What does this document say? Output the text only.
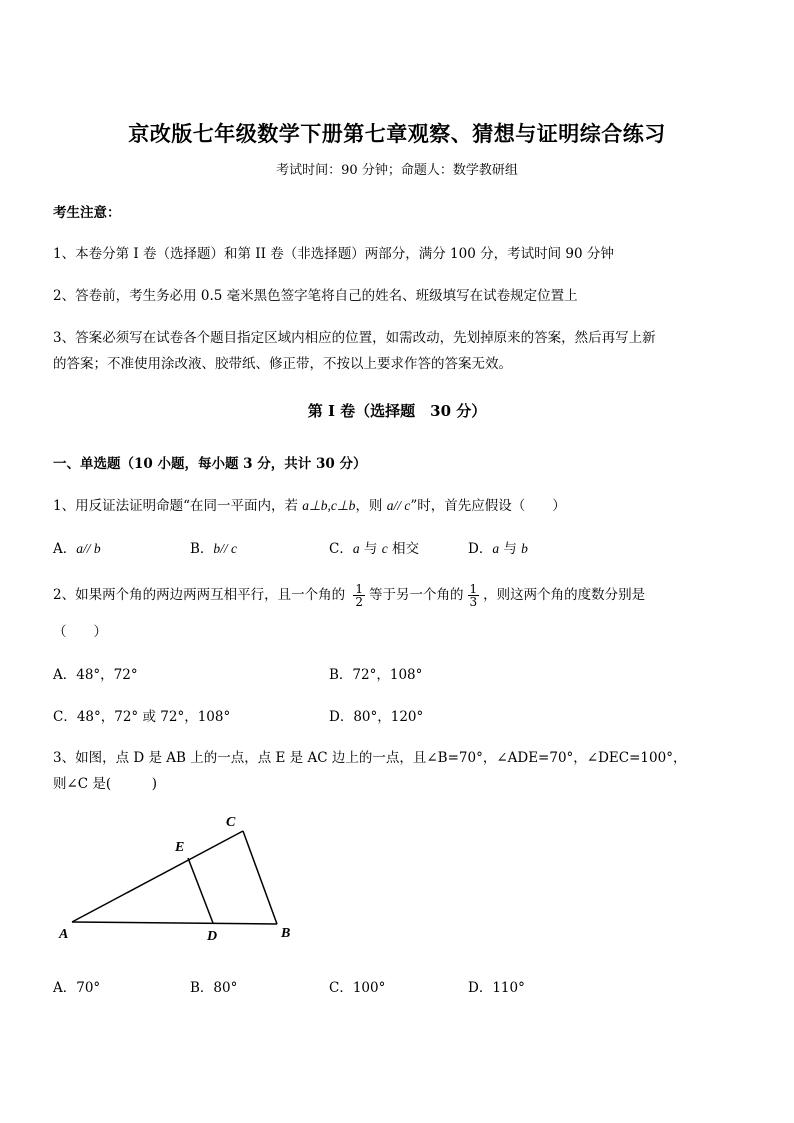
京改版七年级数学下册第七章观察、猜想与证明综合练习
考试时间：90 分钟；命题人：数学教研组
考生注意：
1、本卷分第 I 卷（选择题）和第 II 卷（非选择题）两部分，满分 100 分，考试时间 90 分钟
2、答卷前，考生务必用 0.5 毫米黑色签字笔将自己的姓名、班级填写在试卷规定位置上
3、答案必须写在试卷各个题目指定区域内相应的位置，如需改动，先划掉原来的答案，然后再写上新
的答案；不准使用涂改液、胶带纸、修正带，不按以上要求作答的答案无效。
第 I 卷（选择题　30 分）
一、单选题（10 小题，每小题 3 分，共计 30 分）
1、用反证法证明命题“在同一平面内，若 a⊥b,c⊥b，则 a// c”时，首先应假设（　　）
A．a// b	B．b// c	C．a 与 c 相交	D．a 与 b
2、如果两个角的两边两两互相平行，且一个角的 $\frac{1}{2}$ 等于另一个角的 $\frac{1}{3}$ ，则这两个角的度数分别是
（　　）
A．48°，72°	B．72°，108°
C．48°，72° 或 72°，108°	D．80°，120°
3、如图，点 D 是 AB 上的一点，点 E 是 AC 边上的一点，且∠B=70°，∠ADE=70°，∠DEC=100°，
则∠C 是(　　　)
A	B
C
D
E
A．70°	B．80°	C．100°	D．110°
